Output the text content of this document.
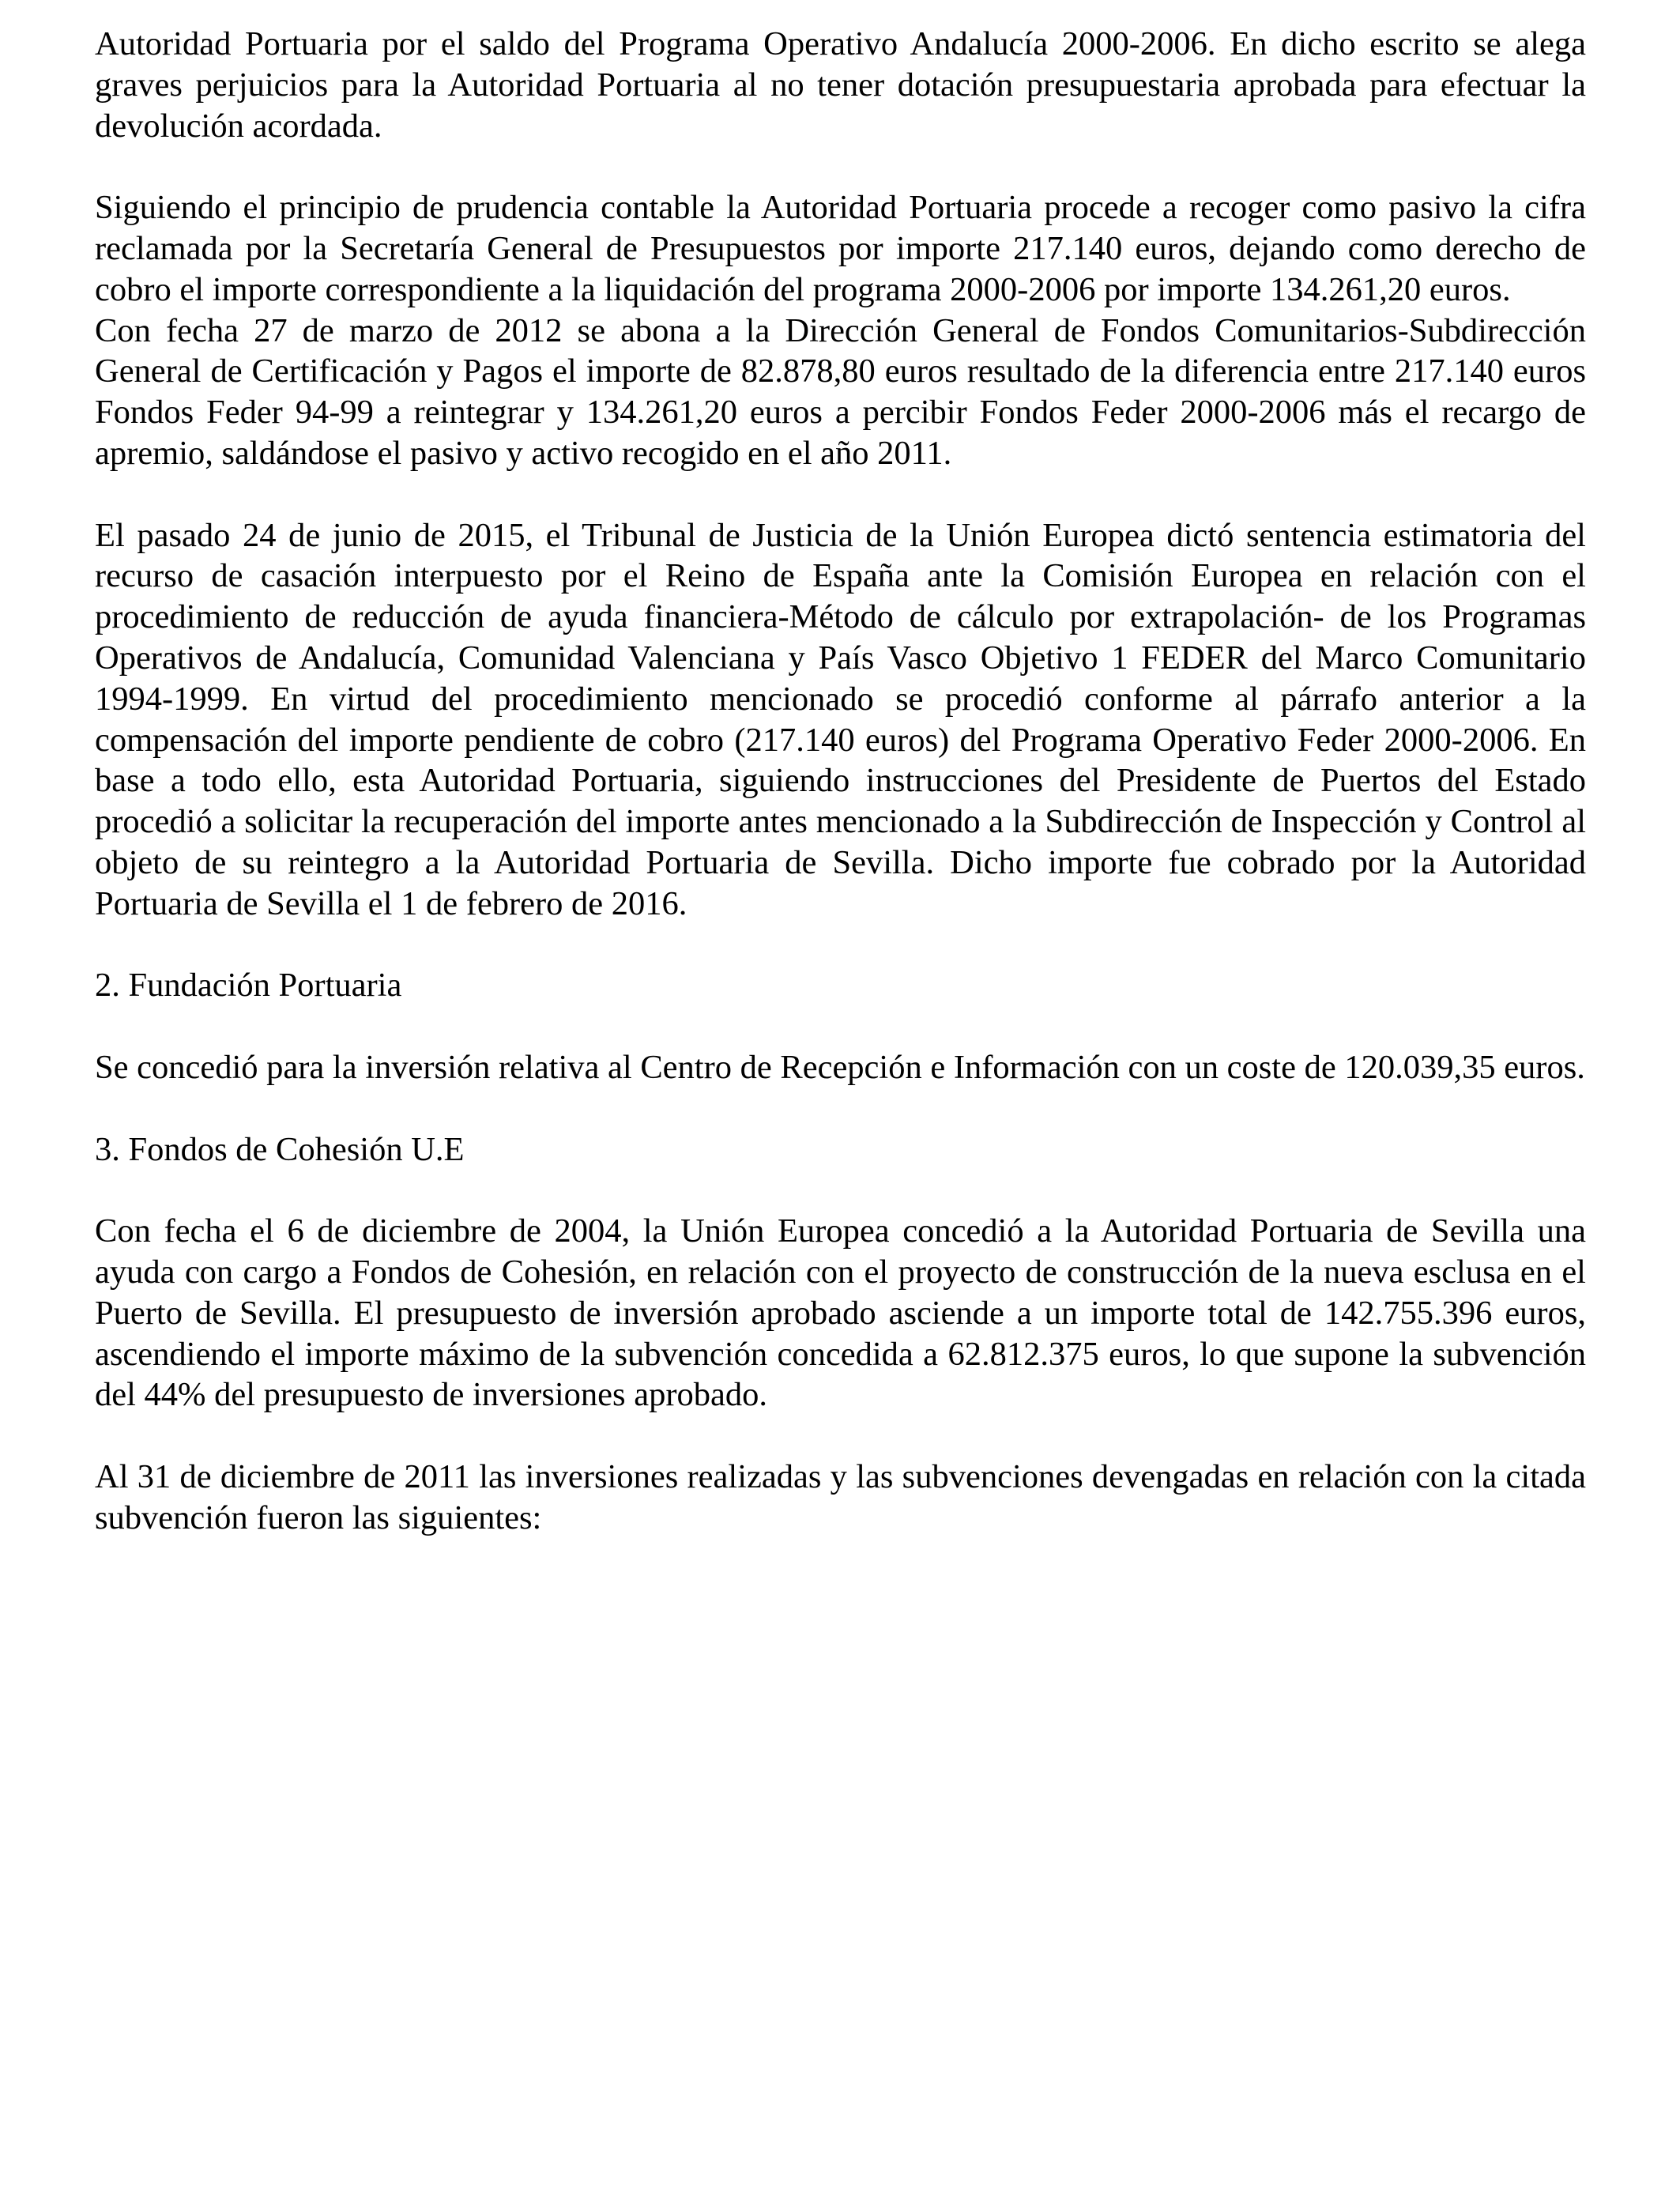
Autoridad Portuaria por el saldo del Programa Operativo Andalucía 2000-2006. En dicho escrito se alega graves perjuicios para la Autoridad Portuaria al no tener dotación presupuestaria aprobada para efectuar la devolución acordada.

Siguiendo el principio de prudencia contable la Autoridad Portuaria procede a recoger como pasivo la cifra reclamada por la Secretaría General de Presupuestos por importe 217.140 euros, dejando como derecho de cobro el importe correspondiente a la liquidación del programa 2000-2006 por importe 134.261,20 euros.

Con fecha 27 de marzo de 2012 se abona a la Dirección General de Fondos Comunitarios-Subdirección General de Certificación y Pagos el importe de 82.878,80 euros resultado de la diferencia entre 217.140 euros Fondos Feder 94-99 a reintegrar y 134.261,20 euros a percibir Fondos Feder 2000-2006 más el recargo de apremio, saldándose el pasivo y activo recogido en el año 2011.

El pasado 24 de junio de 2015, el Tribunal de Justicia de la Unión Europea dictó sentencia estimatoria del recurso de casación interpuesto por el Reino de España ante la Comisión Europea en relación con el procedimiento de reducción de ayuda financiera-Método de cálculo por extrapolación- de los Programas Operativos de Andalucía, Comunidad Valenciana y País Vasco Objetivo 1 FEDER del Marco Comunitario 1994-1999. En virtud del procedimiento mencionado se procedió conforme al párrafo anterior a la compensación del importe pendiente de cobro (217.140 euros) del Programa Operativo Feder 2000-2006. En base a todo ello, esta Autoridad Portuaria, siguiendo instrucciones del Presidente de Puertos del Estado procedió a solicitar la recuperación del importe antes mencionado a la Subdirección de Inspección y Control al objeto de su reintegro a la Autoridad Portuaria de Sevilla. Dicho importe fue cobrado por la Autoridad Portuaria de Sevilla el 1 de febrero de 2016.

2. Fundación Portuaria

Se concedió para la inversión relativa al Centro de Recepción e Información con un coste de 120.039,35 euros.

3. Fondos de Cohesión U.E

Con fecha el 6 de diciembre de 2004, la Unión Europea concedió a la Autoridad Portuaria de Sevilla una ayuda con cargo a Fondos de Cohesión, en relación con el proyecto de construcción de la nueva esclusa en el Puerto de Sevilla. El presupuesto de inversión aprobado asciende a un importe total de 142.755.396 euros, ascendiendo el importe máximo de la subvención concedida a 62.812.375 euros, lo que supone la subvención del 44% del presupuesto de inversiones aprobado.

Al 31 de diciembre de 2011 las inversiones realizadas y las subvenciones devengadas en relación con la citada subvención fueron las siguientes:
